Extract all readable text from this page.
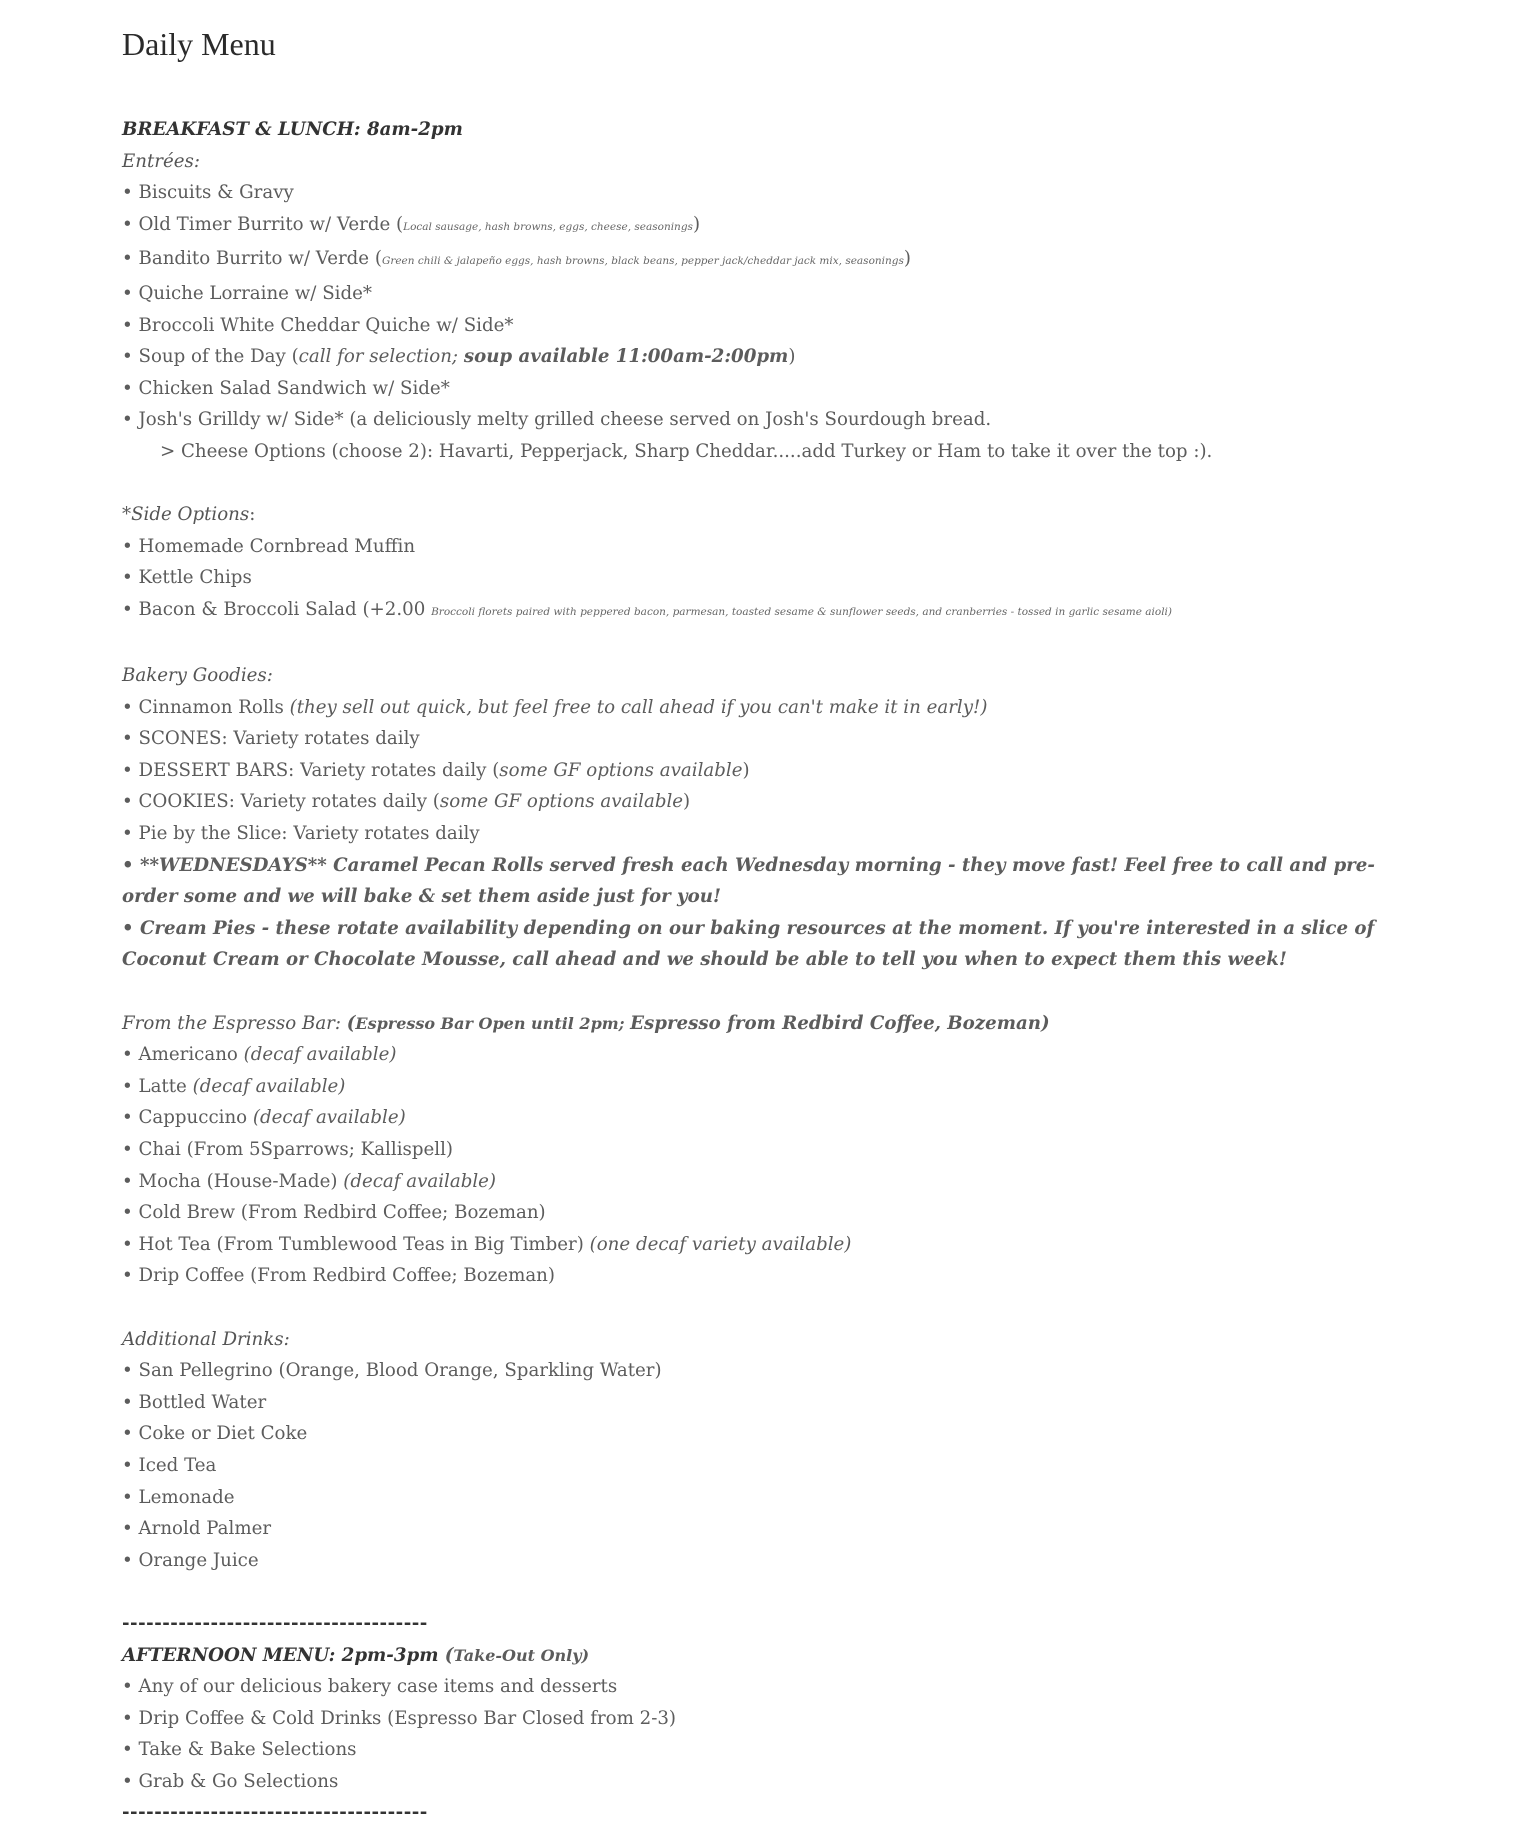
Daily Menu
BREAKFAST & LUNCH: 8am-2pm
Entrées:
• Biscuits & Gravy
• Old Timer Burrito w/ Verde (Local sausage, hash browns, eggs, cheese, seasonings)
• Bandito Burrito w/ Verde (Green chili & jalapeño eggs, hash browns, black beans, pepper jack/cheddar jack mix, seasonings)
• Quiche Lorraine w/ Side*
• Broccoli White Cheddar Quiche w/ Side*
• Soup of the Day (call for selection; soup available 11:00am-2:00pm)
• Chicken Salad Sandwich w/ Side*
• Josh's Grilldy w/ Side* (a deliciously melty grilled cheese served on Josh's Sourdough bread.
> Cheese Options (choose 2): Havarti, Pepperjack, Sharp Cheddar.....add Turkey or Ham to take it over the top :).
*Side Options:
• Homemade Cornbread Muffin
• Kettle Chips
• Bacon & Broccoli Salad (+2.00 Broccoli florets paired with peppered bacon, parmesan, toasted sesame & sunflower seeds, and cranberries - tossed in garlic sesame aioli)
Bakery Goodies:
• Cinnamon Rolls (they sell out quick, but feel free to call ahead if you can't make it in early!)
• SCONES: Variety rotates daily
• DESSERT BARS: Variety rotates daily (some GF options available)
• COOKIES: Variety rotates daily (some GF options available)
• Pie by the Slice: Variety rotates daily
• **WEDNESDAYS** Caramel Pecan Rolls served fresh each Wednesday morning - they move fast! Feel free to call and pre-order some and we will bake & set them aside just for you!
• Cream Pies - these rotate availability depending on our baking resources at the moment. If you're interested in a slice of Coconut Cream or Chocolate Mousse, call ahead and we should be able to tell you when to expect them this week!
From the Espresso Bar: (Espresso Bar Open until 2pm; Espresso from Redbird Coffee, Bozeman)
• Americano (decaf available)
• Latte (decaf available)
• Cappuccino (decaf available)
• Chai (From 5Sparrows; Kallispell)
• Mocha (House-Made) (decaf available)
• Cold Brew (From Redbird Coffee; Bozeman)
• Hot Tea (From Tumblewood Teas in Big Timber) (one decaf variety available)
• Drip Coffee (From Redbird Coffee; Bozeman)
Additional Drinks:
• San Pellegrino (Orange, Blood Orange, Sparkling Water)
• Bottled Water
• Coke or Diet Coke
• Iced Tea
• Lemonade
• Arnold Palmer
• Orange Juice
--------------------------------------
AFTERNOON MENU: 2pm-3pm (Take-Out Only)
• Any of our delicious bakery case items and desserts
• Drip Coffee & Cold Drinks (Espresso Bar Closed from 2-3)
• Take & Bake Selections
• Grab & Go Selections
--------------------------------------
